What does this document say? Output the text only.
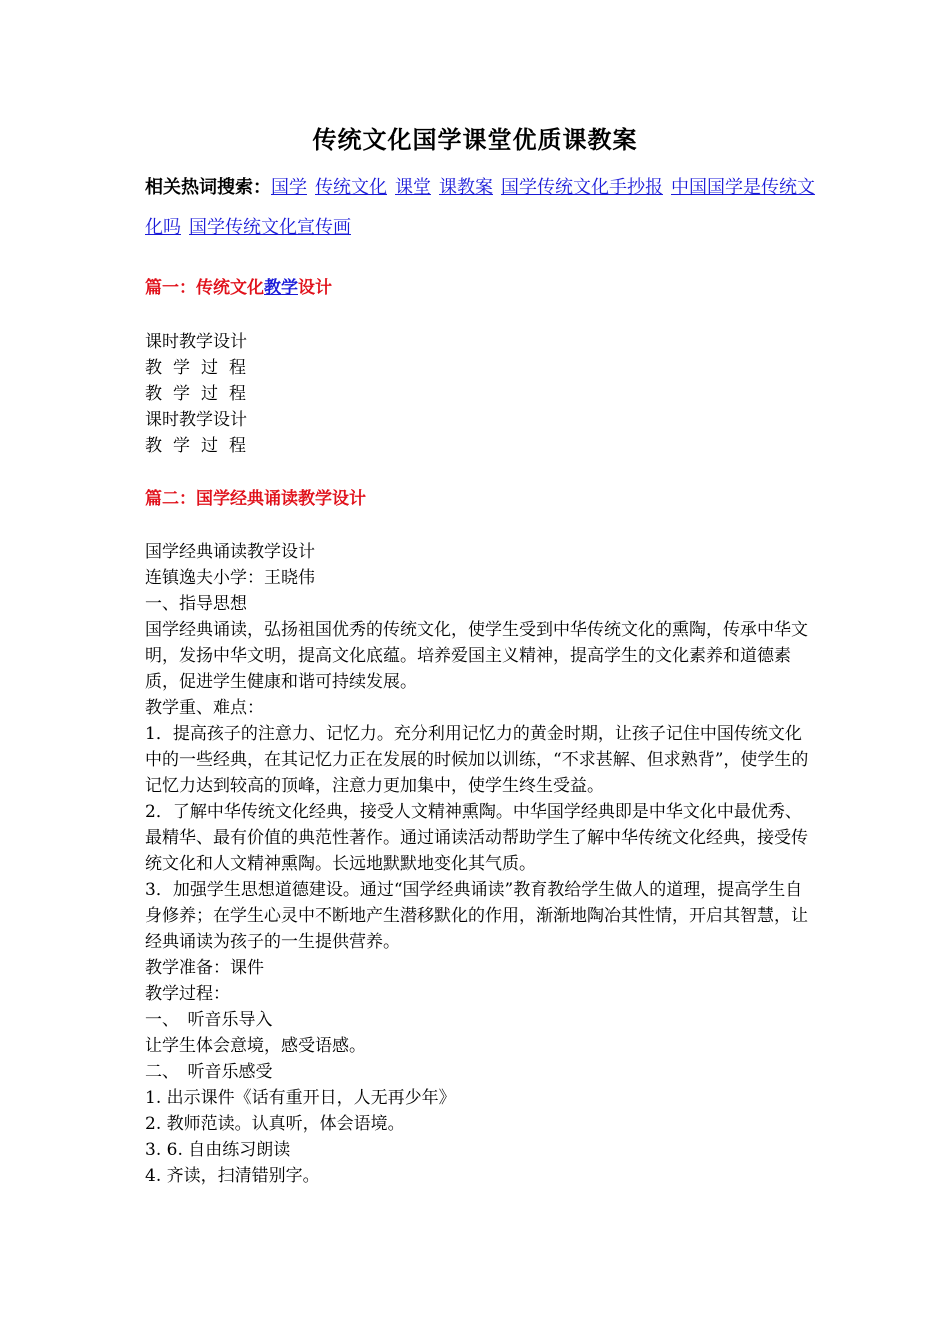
传统文化国学课堂优质课教案
相关热词搜索：国学 传统文化 课堂 课教案 国学传统文化手抄报 中国国学是传统文化吗 国学传统文化宣传画
篇一：传统文化教学设计
课时教学设计
教学过程
教学过程
课时教学设计
教学过程
篇二：国学经典诵读教学设计

国学经典诵读教学设计

连镇逸夫小学：王晓伟

一、指导思想

国学经典诵读，弘扬祖国优秀的传统文化，使学生受到中华传统文化的熏陶，传承中华文明，发扬中华文明，提高文化底蕴。培养爱国主义精神，提高学生的文化素养和道德素质，促进学生健康和谐可持续发展。

教学重、难点：

1．提高孩子的注意力、记忆力。充分利用记忆力的黄金时期，让孩子记住中国传统文化中的一些经典，在其记忆力正在发展的时候加以训练，“不求甚解、但求熟背”，使学生的记忆力达到较高的顶峰，注意力更加集中，使学生终生受益。

2．了解中华传统文化经典，接受人文精神熏陶。中华国学经典即是中华文化中最优秀、最精华、最有价值的典范性著作。通过诵读活动帮助学生了解中华传统文化经典，接受传统文化和人文精神熏陶。长远地默默地变化其气质。

3．加强学生思想道德建设。通过“国学经典诵读”教育教给学生做人的道理，提高学生自身修养；在学生心灵中不断地产生潜移默化的作用，渐渐地陶冶其性情，开启其智慧，让经典诵读为孩子的一生提供营养。

教学准备：课件

教学过程：

一、　听音乐导入

让学生体会意境，感受语感。

二、　听音乐感受

1. 出示课件《话有重开日，人无再少年》

2. 教师范读。认真听，体会语境。

3. 6. 自由练习朗读

4. 齐读，扫清错别字。
